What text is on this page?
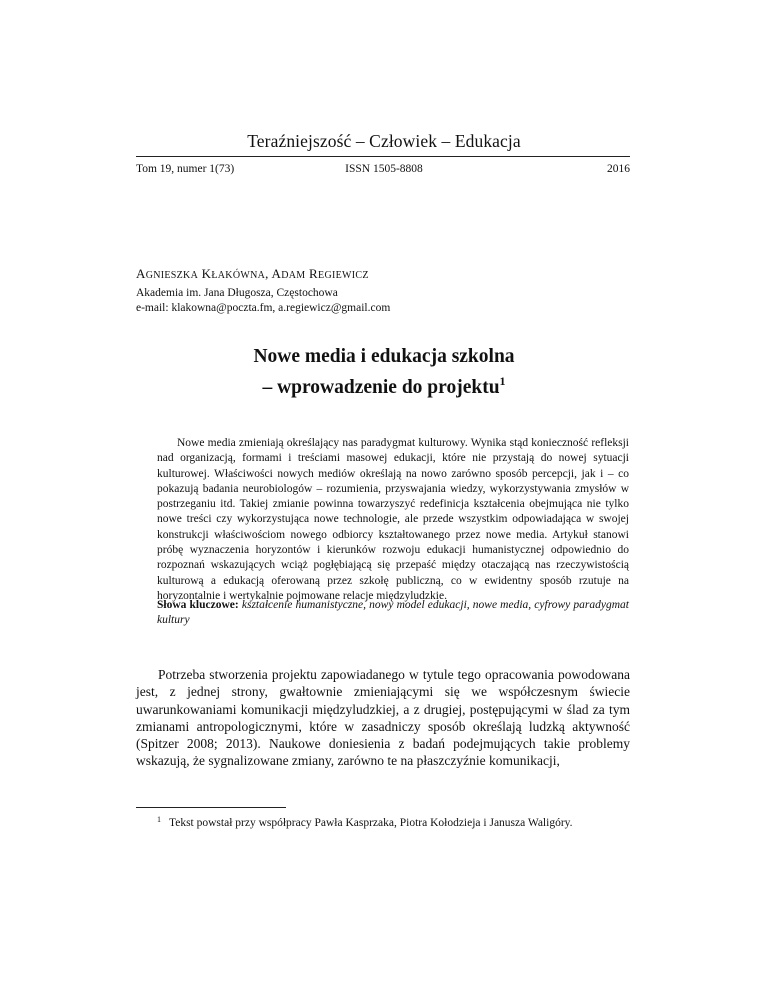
Teraźniejszość – Człowiek – Edukacja
Tom 19, numer 1(73)	ISSN 1505-8808	2016
AGNIESZKA KŁAKÓWNA, ADAM REGIEWICZ
Akademia im. Jana Długosza, Częstochowa
e-mail: klakowna@poczta.fm, a.regiewicz@gmail.com
Nowe media i edukacja szkolna
– wprowadzenie do projektu$^1$

Nowe media zmieniają określający nas paradygmat kulturowy. Wynika stąd konieczność refleksji nad organizacją, formami i treściami masowej edukacji, które nie przystają do nowej sytuacji kulturowej. Właściwości nowych mediów określają na nowo zarówno sposób percepcji, jak i – co pokazują badania neurobiologów – rozumienia, przyswajania wiedzy, wykorzystywania zmysłów w postrzeganiu itd. Takiej zmianie powinna towarzyszyć redefinicja kształcenia obejmująca nie tylko nowe treści czy wykorzystująca nowe technologie, ale przede wszystkim odpowiadająca w swojej konstrukcji właściwościom nowego odbiorcy kształtowanego przez nowe media. Artykuł stanowi próbę wyznaczenia horyzontów i kierunków rozwoju edukacji humanistycznej odpowiednio do rozpoznań wskazujących wciąż pogłębiającą się przepaść między otaczającą nas rzeczywistością kulturową a edukacją oferowaną przez szkołę publiczną, co w ewidentny sposób rzutuje na horyzontalnie i wertykalnie pojmowane relacje międzyludzkie.

Słowa kluczowe: kształcenie humanistyczne, nowy model edukacji, nowe media, cyfrowy paradygmat kultury

Potrzeba stworzenia projektu zapowiadanego w tytule tego opracowania powodowana jest, z jednej strony, gwałtownie zmieniającymi się we współczesnym świecie uwarunkowaniami komunikacji międzyludzkiej, a z drugiej, postępującymi w ślad za tym zmianami antropologicznymi, które w zasadniczy sposób określają ludzką aktywność (Spitzer 2008; 2013). Naukowe doniesienia z badań podejmujących takie problemy wskazują, że sygnalizowane zmiany, zarówno te na płaszczyźnie komunikacji,

$^1$ Tekst powstał przy współpracy Pawła Kasprzaka, Piotra Kołodzieja i Janusza Waligóry.
